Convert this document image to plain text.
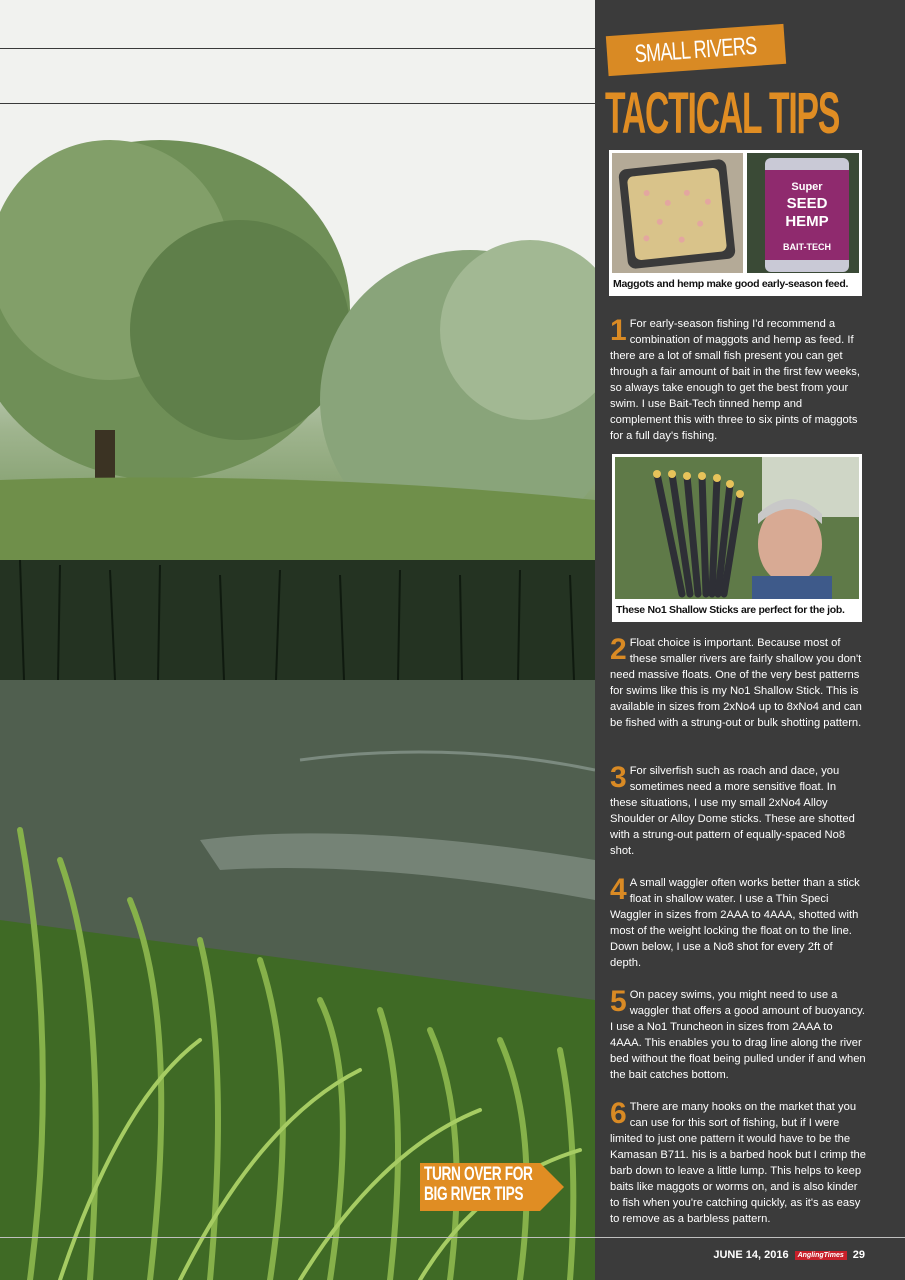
SMALL RIVERS
TACTICAL TIPS
Super
SEED
HEMP
BAIT-TECH
Maggots and hemp make good early-season feed.
1 For early-season fishing I'd recommend a combination of maggots and hemp as feed. If there are a lot of small fish present you can get through a fair amount of bait in the first few weeks, so always take enough to get the best from your swim. I use Bait-Tech tinned hemp and complement this with three to six pints of maggots for a full day's fishing.
These No1 Shallow Sticks are perfect for the job.
2 Float choice is important. Because most of these smaller rivers are fairly shallow you don't need massive floats. One of the very best patterns for swims like this is my No1 Shallow Stick. This is available in sizes from 2xNo4 up to 8xNo4 and can be fished with a strung-out or bulk shotting pattern.
3 For silverfish such as roach and dace, you sometimes need a more sensitive float. In these situations, I use my small 2xNo4 Alloy Shoulder or Alloy Dome sticks. These are shotted with a strung-out pattern of equally-spaced No8 shot.
4 A small waggler often works better than a stick float in shallow water. I use a Thin Speci Waggler in sizes from 2AAA to 4AAA, shotted with most of the weight locking the float on to the line. Down below, I use a No8 shot for every 2ft of depth.
5 On pacey swims, you might need to use a waggler that offers a good amount of buoyancy. I use a No1 Truncheon in sizes from 2AAA to 4AAA. This enables you to drag line along the river bed without the float being pulled under if and when the bait catches bottom.
6 There are many hooks on the market that you can use for this sort of fishing, but if I were limited to just one pattern it would have to be the Kamasan B711. his is a barbed hook but I crimp the barb down to leave a little lump. This helps to keep baits like maggots or worms on, and is also kinder to fish when you're catching quickly, as it's as easy to remove as a barbless pattern.
TURN OVER FOR
BIG RIVER TIPS
JUNE 14, 2016	AnglingTimes 29
